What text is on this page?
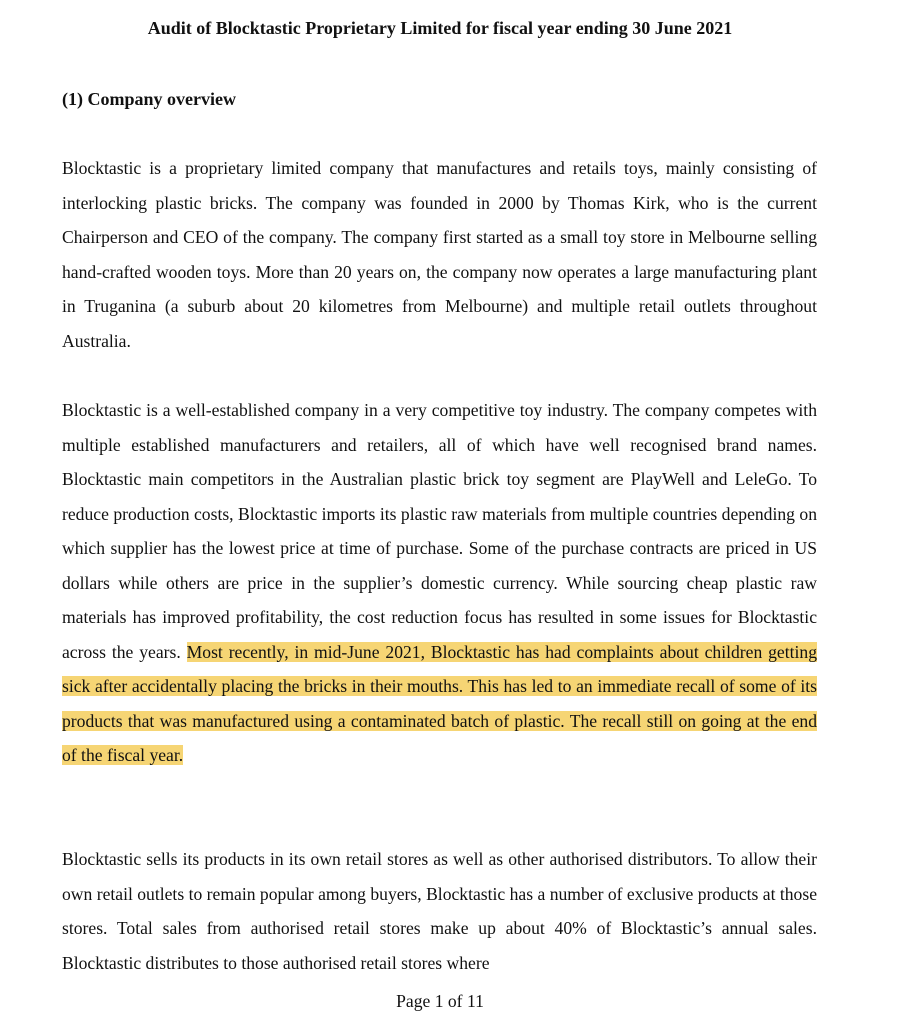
Audit of Blocktastic Proprietary Limited for fiscal year ending 30 June 2021
(1) Company overview

Blocktastic is a proprietary limited company that manufactures and retails toys, mainly consisting of interlocking plastic bricks. The company was founded in 2000 by Thomas Kirk, who is the current Chairperson and CEO of the company. The company first started as a small toy store in Melbourne selling hand-crafted wooden toys. More than 20 years on, the company now operates a large manufacturing plant in Truganina (a suburb about 20 kilometres from Melbourne) and multiple retail outlets throughout Australia.

Blocktastic is a well-established company in a very competitive toy industry. The company competes with multiple established manufacturers and retailers, all of which have well recognised brand names. Blocktastic main competitors in the Australian plastic brick toy segment are PlayWell and LeleGo. To reduce production costs, Blocktastic imports its plastic raw materials from multiple countries depending on which supplier has the lowest price at time of purchase. Some of the purchase contracts are priced in US dollars while others are price in the supplier’s domestic currency. While sourcing cheap plastic raw materials has improved profitability, the cost reduction focus has resulted in some issues for Blocktastic across the years. Most recently, in mid-June 2021, Blocktastic has had complaints about children getting sick after accidentally placing the bricks in their mouths. This has led to an immediate recall of some of its products that was manufactured using a contaminated batch of plastic. The recall still on going at the end of the fiscal year.

Blocktastic sells its products in its own retail stores as well as other authorised distributors. To allow their own retail outlets to remain popular among buyers, Blocktastic has a number of exclusive products at those stores. Total sales from authorised retail stores make up about 40% of Blocktastic’s annual sales. Blocktastic distributes to those authorised retail stores where

Page 1 of 11
